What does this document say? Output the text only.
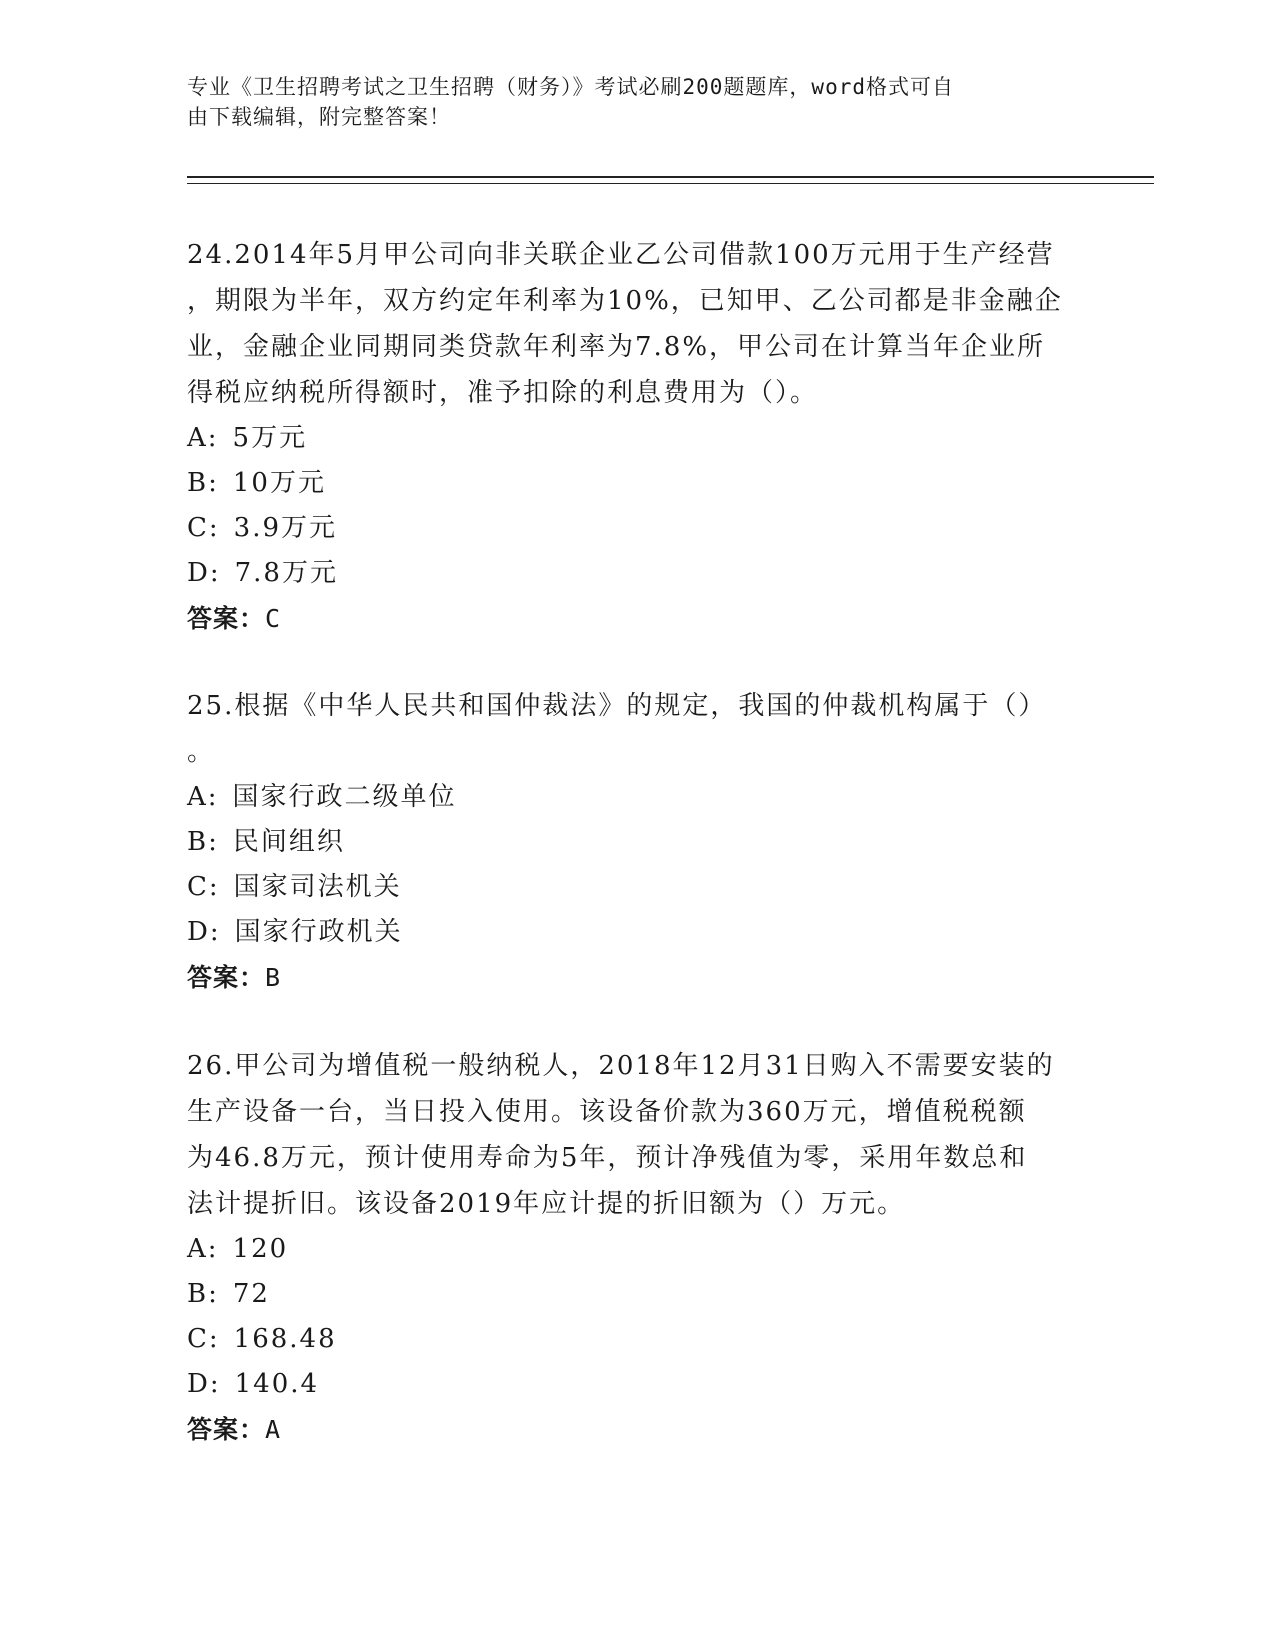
专业《卫生招聘考试之卫生招聘（财务）》考试必刷200题题库，word格式可自
由下载编辑，附完整答案！
24.2014年5月甲公司向非关联企业乙公司借款100万元用于生产经营
，期限为半年，双方约定年利率为10%，已知甲、乙公司都是非金融企
业，金融企业同期同类贷款年利率为7.8%，甲公司在计算当年企业所
得税应纳税所得额时，准予扣除的利息费用为（）。
A: 5万元
B: 10万元
C: 3.9万元
D: 7.8万元
答案：C
25.根据《中华人民共和国仲裁法》的规定，我国的仲裁机构属于（）
。
A: 国家行政二级单位
B: 民间组织
C: 国家司法机关
D: 国家行政机关
答案：B
26.甲公司为增值税一般纳税人，2018年12月31日购入不需要安装的
生产设备一台，当日投入使用。该设备价款为360万元，增值税税额
为46.8万元，预计使用寿命为5年，预计净残值为零，采用年数总和
法计提折旧。该设备2019年应计提的折旧额为（）万元。
A: 120
B: 72
C: 168.48
D: 140.4
答案：A
